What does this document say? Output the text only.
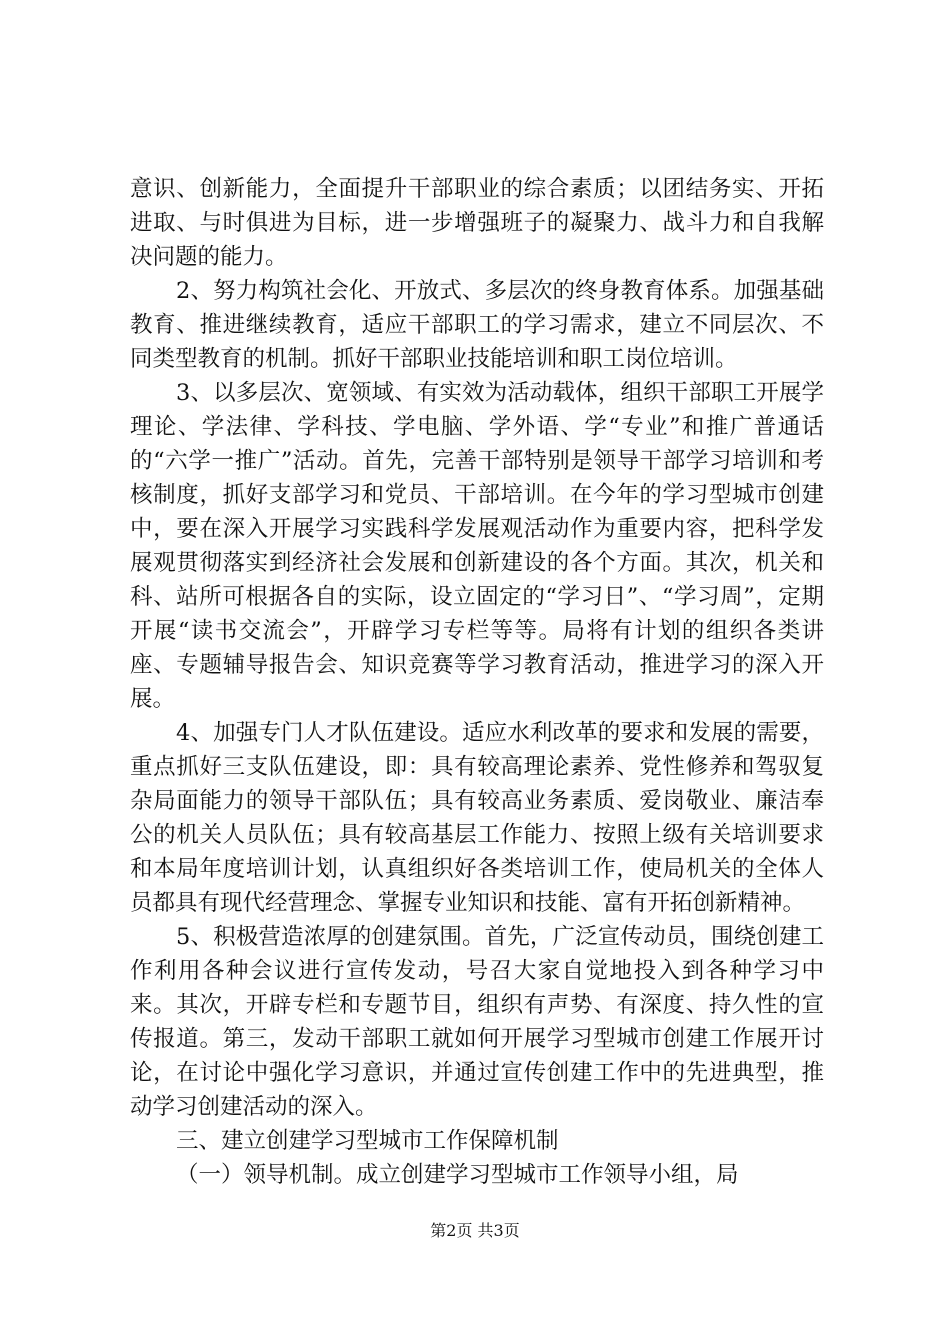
意识、创新能力，全面提升干部职业的综合素质；以团结务实、开拓进取、与时俱进为目标，进一步增强班子的凝聚力、战斗力和自我解决问题的能力。

2、努力构筑社会化、开放式、多层次的终身教育体系。加强基础教育、推进继续教育，适应干部职工的学习需求，建立不同层次、不同类型教育的机制。抓好干部职业技能培训和职工岗位培训。

3、以多层次、宽领域、有实效为活动载体，组织干部职工开展学理论、学法律、学科技、学电脑、学外语、学“专业”和推广普通话的“六学一推广”活动。首先，完善干部特别是领导干部学习培训和考核制度，抓好支部学习和党员、干部培训。在今年的学习型城市创建中，要在深入开展学习实践科学发展观活动作为重要内容，把科学发展观贯彻落实到经济社会发展和创新建设的各个方面。其次，机关和科、站所可根据各自的实际，设立固定的“学习日”、“学习周”，定期开展“读书交流会”，开辟学习专栏等等。局将有计划的组织各类讲座、专题辅导报告会、知识竞赛等学习教育活动，推进学习的深入开展。

4、加强专门人才队伍建设。适应水利改革的要求和发展的需要，重点抓好三支队伍建设，即：具有较高理论素养、党性修养和驾驭复杂局面能力的领导干部队伍；具有较高业务素质、爱岗敬业、廉洁奉公的机关人员队伍；具有较高基层工作能力、按照上级有关培训要求和本局年度培训计划，认真组织好各类培训工作，使局机关的全体人员都具有现代经营理念、掌握专业知识和技能、富有开拓创新精神。

5、积极营造浓厚的创建氛围。首先，广泛宣传动员，围绕创建工作利用各种会议进行宣传发动，号召大家自觉地投入到各种学习中来。其次，开辟专栏和专题节目，组织有声势、有深度、持久性的宣传报道。第三，发动干部职工就如何开展学习型城市创建工作展开讨论，在讨论中强化学习意识，并通过宣传创建工作中的先进典型，推动学习创建活动的深入。

三、建立创建学习型城市工作保障机制

（一）领导机制。成立创建学习型城市工作领导小组，局

第2页 共3页
